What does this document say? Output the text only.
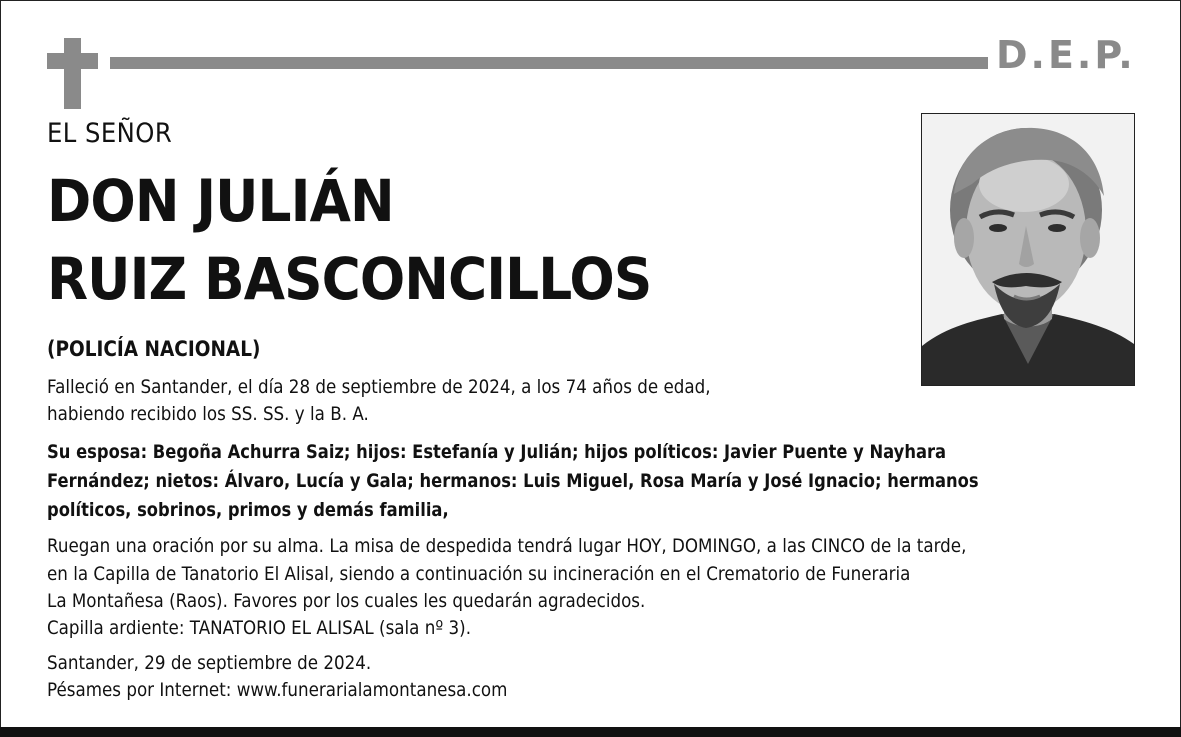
D.E.P.
EL SEÑOR
DON JULIÁN
RUIZ BASCONCILLOS
(POLICÍA NACIONAL)
Falleció en Santander, el día 28 de septiembre de 2024, a los 74 años de edad,
habiendo recibido los SS. SS. y la B. A.
Su esposa: Begoña Achurra Saiz; hijos: Estefanía y Julián; hijos políticos: Javier Puente y Nayhara
Fernández; nietos: Álvaro, Lucía y Gala; hermanos: Luis Miguel, Rosa María y José Ignacio; hermanos
políticos, sobrinos, primos y demás familia,
Ruegan una oración por su alma. La misa de despedida tendrá lugar HOY, DOMINGO, a las CINCO de la tarde,
en la Capilla de Tanatorio El Alisal, siendo a continuación su incineración en el Crematorio de Funeraria
La Montañesa (Raos). Favores por los cuales les quedarán agradecidos.
Capilla ardiente: TANATORIO EL ALISAL (sala nº 3).
Santander, 29 de septiembre de 2024.
Pésames por Internet: www.funerarialamontanesa.com
